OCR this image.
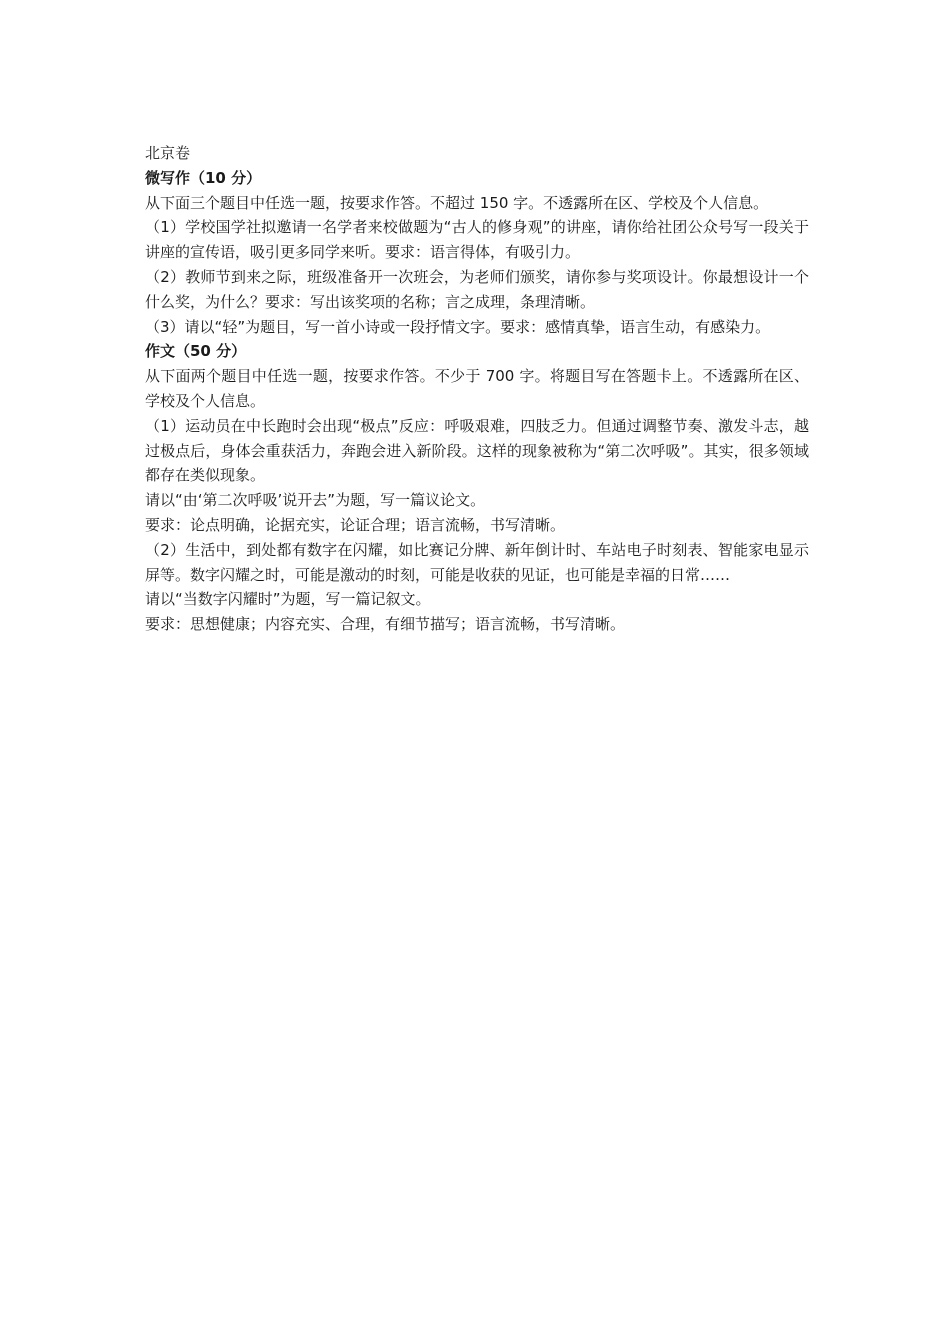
北京卷

微写作（10 分）

从下面三个题目中任选一题，按要求作答。不超过 150 字。不透露所在区、学校及个人信息。

（1）学校国学社拟邀请一名学者来校做题为“古人的修身观”的讲座，请你给社团公众号写一段关于讲座的宣传语，吸引更多同学来听。要求：语言得体，有吸引力。

（2）教师节到来之际，班级准备开一次班会，为老师们颁奖，请你参与奖项设计。你最想设计一个什么奖，为什么？要求：写出该奖项的名称；言之成理，条理清晰。

（3）请以“轻”为题目，写一首小诗或一段抒情文字。要求：感情真挚，语言生动，有感染力。

作文（50 分）

从下面两个题目中任选一题，按要求作答。不少于 700 字。将题目写在答题卡上。不透露所在区、学校及个人信息。

（1）运动员在中长跑时会出现“极点”反应：呼吸艰难，四肢乏力。但通过调整节奏、激发斗志，越过极点后，身体会重获活力，奔跑会进入新阶段。这样的现象被称为“第二次呼吸”。其实，很多领域都存在类似现象。

请以“由‘第二次呼吸’说开去”为题，写一篇议论文。

要求：论点明确，论据充实，论证合理；语言流畅，书写清晰。

（2）生活中，到处都有数字在闪耀，如比赛记分牌、新年倒计时、车站电子时刻表、智能家电显示屏等。数字闪耀之时，可能是激动的时刻，可能是收获的见证，也可能是幸福的日常……

请以“当数字闪耀时”为题，写一篇记叙文。

要求：思想健康；内容充实、合理，有细节描写；语言流畅，书写清晰。
